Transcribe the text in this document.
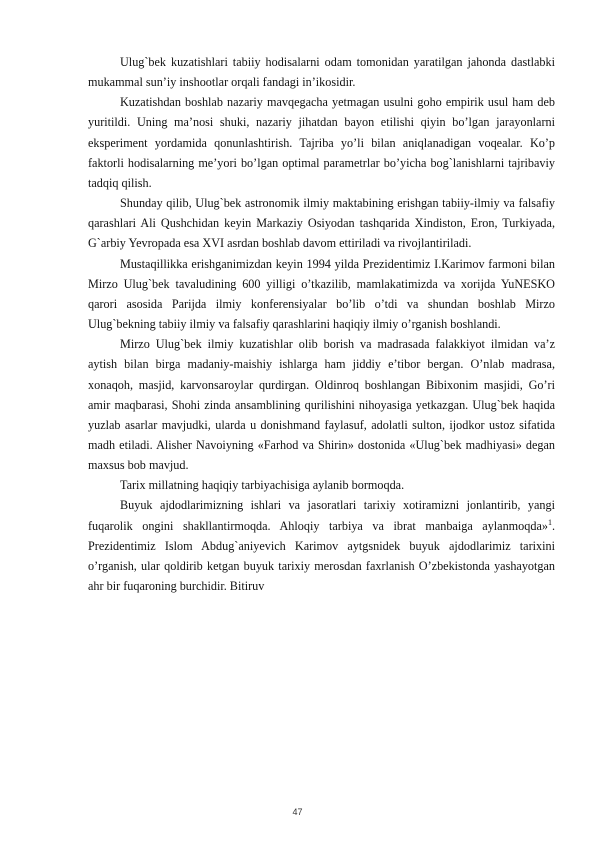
Ulug`bek kuzatishlari tabiiy hodisalarni odam tomonidan yaratilgan jahonda dastlabki mukammal sun’iy inshootlar orqali fandagi in’ikosidir.

Kuzatishdan boshlab nazariy mavqegacha yetmagan usulni goho empirik usul ham deb yuritildi. Uning ma’nosi shuki, nazariy jihatdan bayon etilishi qiyin bo’lgan jarayonlarni eksperiment yordamida qonunlashtirish. Tajriba yo’li bilan aniqlanadigan voqealar. Ko’p faktorli hodisalarning me’yori bo’lgan optimal parametrlar bo’yicha bog`lanishlarni tajribaviy tadqiq qilish.

Shunday qilib, Ulug`bek astronomik ilmiy maktabining erishgan tabiiy-ilmiy va falsafiy qarashlari Ali Qushchidan keyin Markaziy Osiyodan tashqarida Xindiston, Eron, Turkiyada, G`arbiy Yevropada esa XVI asrdan boshlab davom ettiriladi va rivojlantiriladi.

Mustaqillikka erishganimizdan keyin 1994 yilda Prezidentimiz I.Karimov farmoni bilan Mirzo Ulug`bek tavaludining 600 yilligi o’tkazilib, mamlakatimizda va xorijda YuNESKO qarori asosida Parijda ilmiy konferensiyalar bo’lib o’tdi va shundan boshlab Mirzo Ulug`bekning tabiiy ilmiy va falsafiy qarashlarini haqiqiy ilmiy o’rganish boshlandi.

Mirzo Ulug`bek ilmiy kuzatishlar olib borish va madrasada falakkiyot ilmidan va’z aytish bilan birga madaniy-maishiy ishlarga ham jiddiy e’tibor bergan. O’nlab madrasa, xonaqoh, masjid, karvonsaroylar qurdirgan. Oldinroq boshlangan Bibixonim masjidi, Go’ri amir maqbarasi, Shohi zinda ansamblining qurilishini nihoyasiga yetkazgan. Ulug`bek haqida yuzlab asarlar mavjudki, ularda u donishmand faylasuf, adolatli sulton, ijodkor ustoz sifatida madh etiladi. Alisher Navoiyning «Farhod va Shirin» dostonida «Ulug`bek madhiyasi» degan maxsus bob mavjud.

Tarix millatning haqiqiy tarbiyachisiga aylanib bormoqda.

Buyuk ajdodlarimizning ishlari va jasoratlari tarixiy xotiramizni jonlantirib, yangi fuqarolik ongini shakllantirmoqda. Ahloqiy tarbiya va ibrat manbaiga aylanmoqda»$^1$. Prezidentimiz Islom Abdug`aniyevich Karimov aytgsnidek buyuk ajdodlarimiz tarixini o’rganish, ular qoldirib ketgan buyuk tarixiy merosdan faxrlanish O’zbekistonda yashayotgan ahr bir fuqaroning burchidir. Bitiruv

47
